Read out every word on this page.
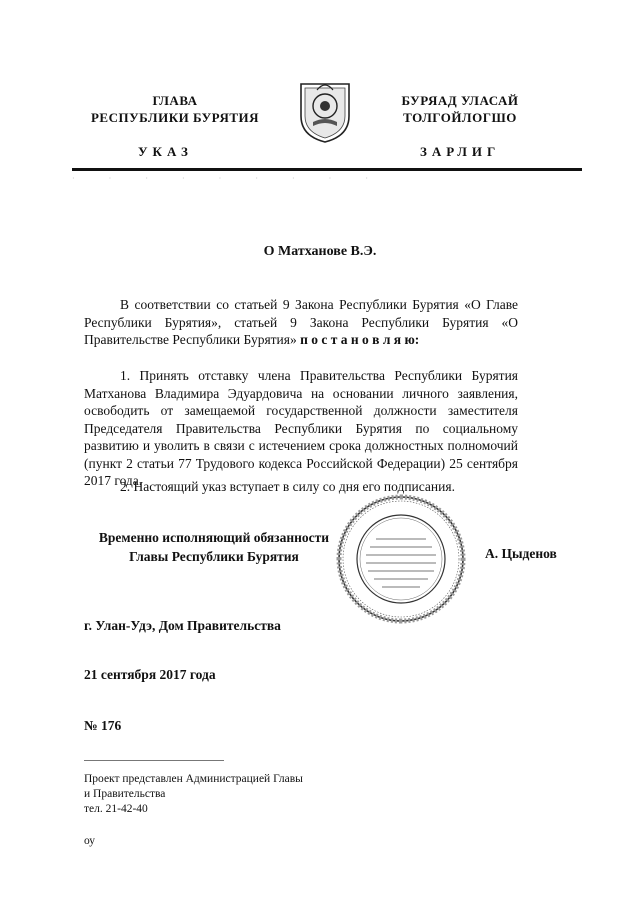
ГЛАВА
РЕСПУБЛИКИ БУРЯТИЯ
УКАЗ
БУРЯАД УЛАСАЙ
ТОЛГОЙЛОГШО
ЗАРЛИГ
·                 ·                 ·                 ·                 ·                 ·                 ·                 ·                 ·
О Матханове В.Э.
В соответствии со статьей 9 Закона Республики Бурятия «О Главе Республики Бурятия», статьей 9 Закона Республики Бурятия «О Правительстве Республики Бурятия» п о с т а н о в л я ю:
1. Принять отставку члена Правительства Республики Бурятия Матханова Владимира Эдуардовича на основании личного заявления, освободить от замещаемой государственной должности заместителя Председателя Правительства Республики Бурятия по социальному развитию и уволить в связи с истечением срока должностных полномочий (пункт 2 статьи 77 Трудового кодекса Российской Федерации) 25 сентября 2017 года.
2. Настоящий указ вступает в силу со дня его подписания.
Временно исполняющий обязанности
Главы Республики Бурятия	А. Цыденов
г. Улан-Удэ, Дом Правительства
21 сентября 2017 года
№ 176
Проект представлен Администрацией Главы
и Правительства
тел. 21-42-40
оу
